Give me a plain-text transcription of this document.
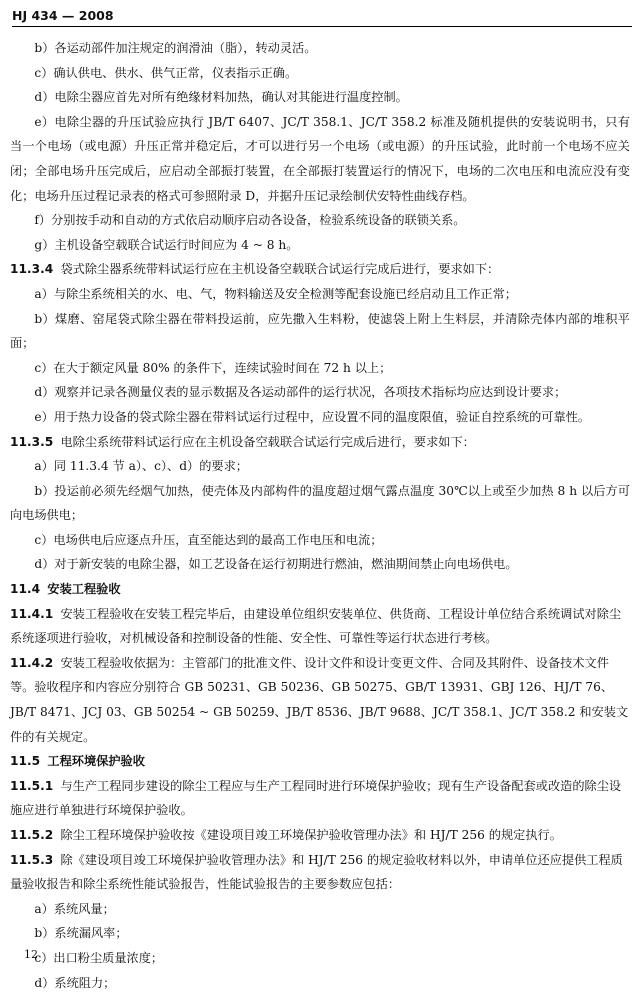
HJ 434 — 2008

b）各运动部件加注规定的润滑油（脂），转动灵活。

c）确认供电、供水、供气正常，仪表指示正确。

d）电除尘器应首先对所有绝缘材料加热，确认对其能进行温度控制。

e）电除尘器的升压试验应执行 JB/T 6407、JC/T 358.1、JC/T 358.2 标准及随机提供的安装说明书，只有当一个电场（或电源）升压正常并稳定后，才可以进行另一个电场（或电源）的升压试验，此时前一个电场不应关闭；全部电场升压完成后，应启动全部振打装置，在全部振打装置运行的情况下，电场的二次电压和电流应没有变化；电场升压过程记录表的格式可参照附录 D，并据升压记录绘制伏安特性曲线存档。

f）分别按手动和自动的方式依启动顺序启动各设备，检验系统设备的联锁关系。

g）主机设备空载联合试运行时间应为 4 ~ 8 h。

11.3.4 袋式除尘器系统带料试运行应在主机设备空载联合试运行完成后进行，要求如下：

a）与除尘系统相关的水、电、气，物料输送及安全检测等配套设施已经启动且工作正常；

b）煤磨、窑尾袋式除尘器在带料投运前，应先撒入生料粉，使滤袋上附上生料层，并清除壳体内部的堆积平面；

c）在大于额定风量 80% 的条件下，连续试验时间在 72 h 以上；

d）观察并记录各测量仪表的显示数据及各运动部件的运行状况，各项技术指标均应达到设计要求；

e）用于热力设备的袋式除尘器在带料试运行过程中，应设置不同的温度限值，验证自控系统的可靠性。

11.3.5 电除尘系统带料试运行应在主机设备空载联合试运行完成后进行，要求如下：

a）同 11.3.4 节 a）、c）、d）的要求；

b）投运前必须先经烟气加热，使壳体及内部构件的温度超过烟气露点温度 30℃以上或至少加热 8 h 以后方可向电场供电；

c）电场供电后应逐点升压，直至能达到的最高工作电压和电流；

d）对于新安装的电除尘器，如工艺设备在运行初期进行燃油，燃油期间禁止向电场供电。

11.4 安装工程验收

11.4.1 安装工程验收在安装工程完毕后，由建设单位组织安装单位、供货商、工程设计单位结合系统调试对除尘系统逐项进行验收，对机械设备和控制设备的性能、安全性、可靠性等运行状态进行考核。

11.4.2 安装工程验收依据为：主管部门的批准文件、设计文件和设计变更文件、合同及其附件、设备技术文件等。验收程序和内容应分别符合 GB 50231、GB 50236、GB 50275、GB/T 13931、GBJ 126、HJ/T 76、JB/T 8471、JCJ 03、GB 50254 ~ GB 50259、JB/T 8536、JB/T 9688、JC/T 358.1、JC/T 358.2 和安装文件的有关规定。

11.5 工程环境保护验收

11.5.1 与生产工程同步建设的除尘工程应与生产工程同时进行环境保护验收；现有生产设备配套或改造的除尘设施应进行单独进行环境保护验收。

11.5.2 除尘工程环境保护验收按《建设项目竣工环境保护验收管理办法》和 HJ/T 256 的规定执行。

11.5.3 除《建设项目竣工环境保护验收管理办法》和 HJ/T 256 的规定验收材料以外，申请单位还应提供工程质量验收报告和除尘系统性能试验报告，性能试验报告的主要参数应包括：

a）系统风量；

b）系统漏风率；

c）出口粉尘质量浓度；

d）系统阻力；

12
